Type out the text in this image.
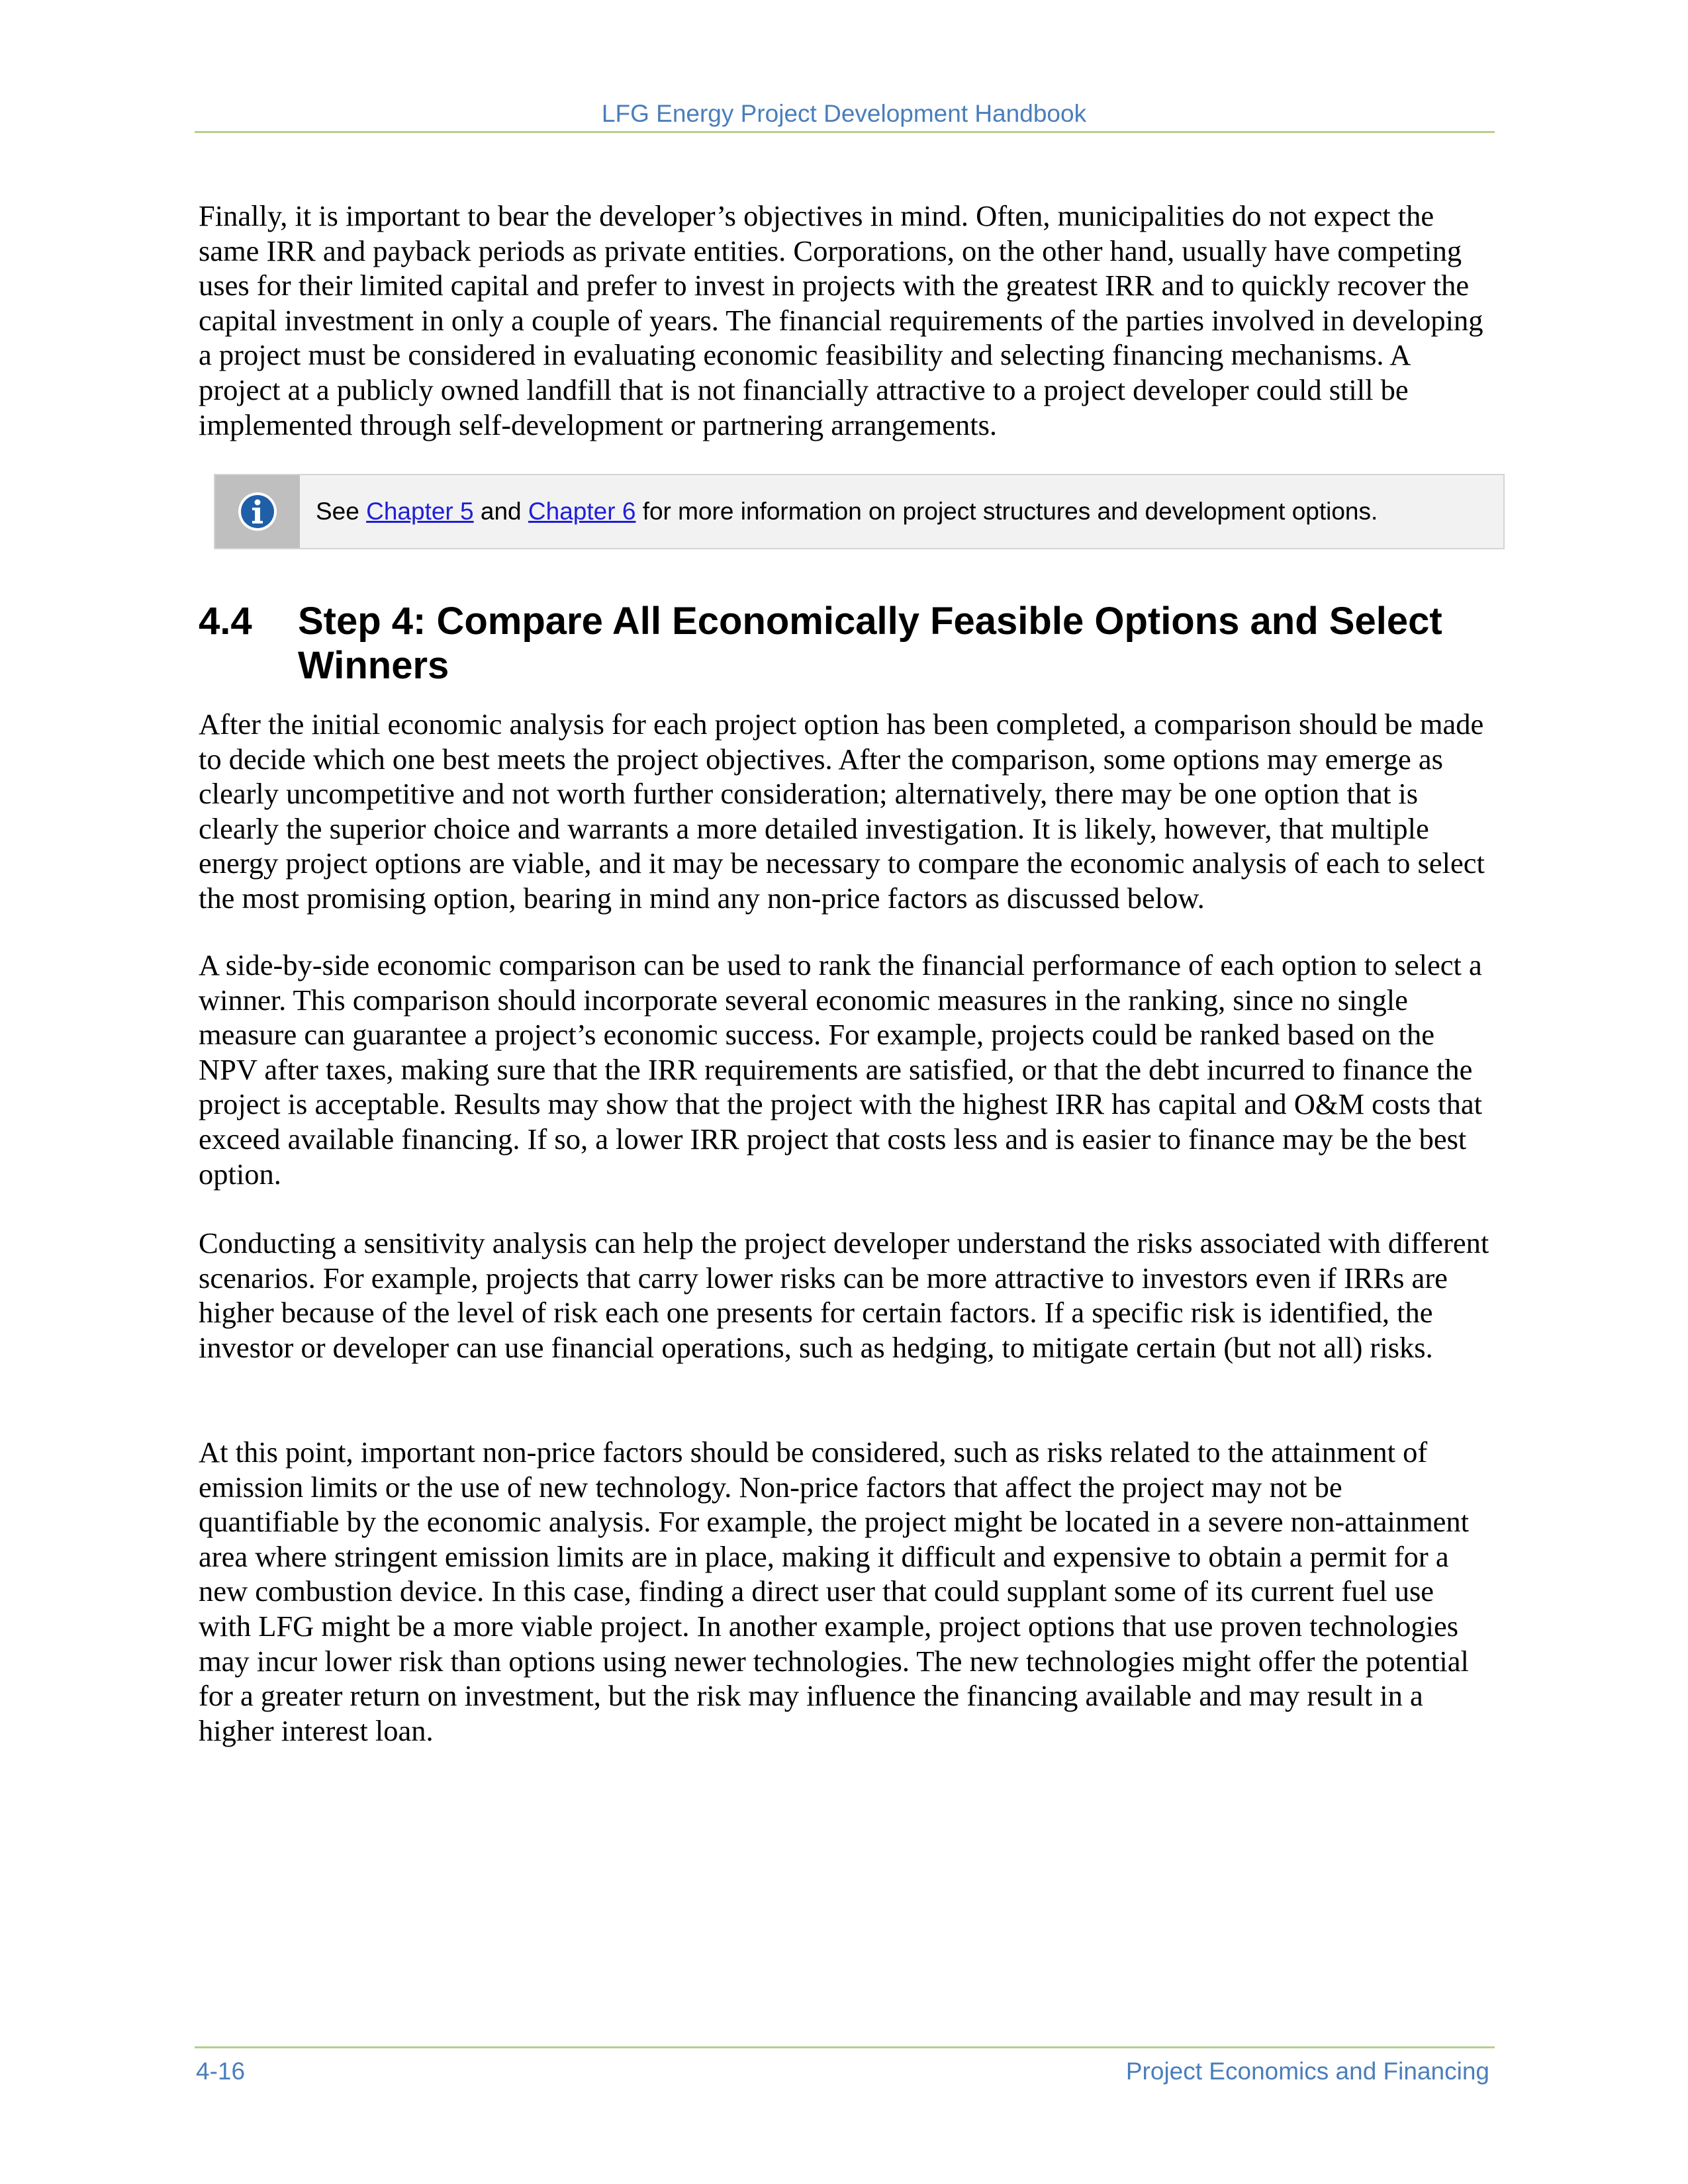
LFG Energy Project Development Handbook

Finally, it is important to bear the developer’s objectives in mind. Often, municipalities do not expect the same IRR and payback periods as private entities. Corporations, on the other hand, usually have competing uses for their limited capital and prefer to invest in projects with the greatest IRR and to quickly recover the capital investment in only a couple of years. The financial requirements of the parties involved in developing a project must be considered in evaluating economic feasibility and selecting financing mechanisms. A project at a publicly owned landfill that is not financially attractive to a project developer could still be implemented through self-development or partnering arrangements.

See Chapter 5 and Chapter 6 for more information on project structures and development options.
4.4 Step 4: Compare All Economically Feasible Options and Select Winners

After the initial economic analysis for each project option has been completed, a comparison should be made to decide which one best meets the project objectives. After the comparison, some options may emerge as clearly uncompetitive and not worth further consideration; alternatively, there may be one option that is clearly the superior choice and warrants a more detailed investigation. It is likely, however, that multiple energy project options are viable, and it may be necessary to compare the economic analysis of each to select the most promising option, bearing in mind any non-price factors as discussed below.

A side-by-side economic comparison can be used to rank the financial performance of each option to select a winner. This comparison should incorporate several economic measures in the ranking, since no single measure can guarantee a project’s economic success. For example, projects could be ranked based on the NPV after taxes, making sure that the IRR requirements are satisfied, or that the debt incurred to finance the project is acceptable. Results may show that the project with the highest IRR has capital and O&M costs that exceed available financing. If so, a lower IRR project that costs less and is easier to finance may be the best option.

Conducting a sensitivity analysis can help the project developer understand the risks associated with different scenarios. For example, projects that carry lower risks can be more attractive to investors even if IRRs are higher because of the level of risk each one presents for certain factors. If a specific risk is identified, the investor or developer can use financial operations, such as hedging, to mitigate certain (but not all) risks.

At this point, important non-price factors should be considered, such as risks related to the attainment of emission limits or the use of new technology. Non-price factors that affect the project may not be quantifiable by the economic analysis. For example, the project might be located in a severe non-attainment area where stringent emission limits are in place, making it difficult and expensive to obtain a permit for a new combustion device. In this case, finding a direct user that could supplant some of its current fuel use with LFG might be a more viable project. In another example, project options that use proven technologies may incur lower risk than options using newer technologies. The new technologies might offer the potential for a greater return on investment, but the risk may influence the financing available and may result in a higher interest loan.

4-16	Project Economics and Financing
